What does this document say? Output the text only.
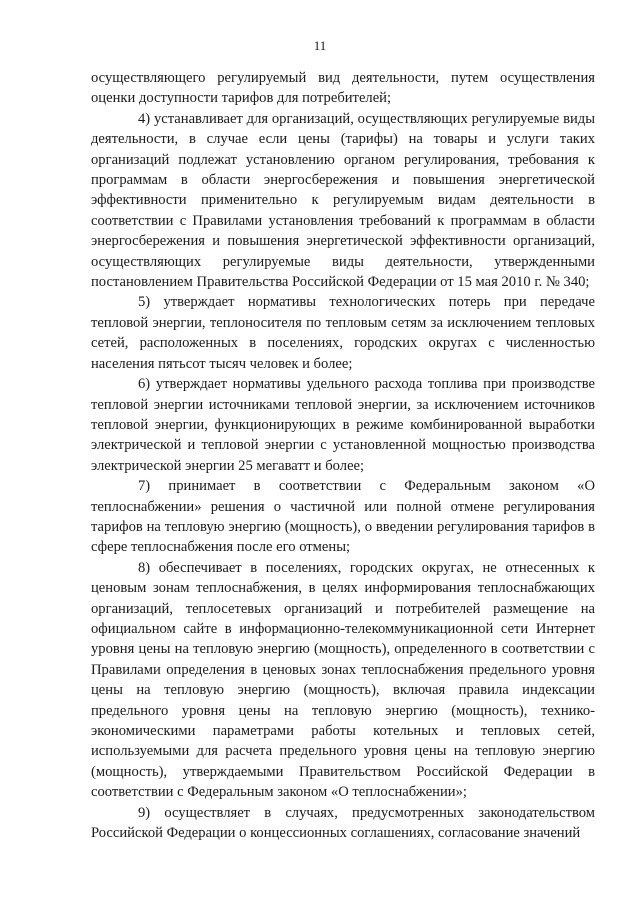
11

осуществляющего регулируемый вид деятельности, путем осуществления оценки доступности тарифов для потребителей;

4) устанавливает для организаций, осуществляющих регулируемые виды деятельности, в случае если цены (тарифы) на товары и услуги таких организаций подлежат установлению органом регулирования, требования к программам в области энергосбережения и повышения энергетической эффективности применительно к регулируемым видам деятельности в соответствии с Правилами установления требований к программам в области энергосбережения и повышения энергетической эффективности организаций, осуществляющих регулируемые виды деятельности, утвержденными постановлением Правительства Российской Федерации от 15 мая 2010 г. № 340;

5) утверждает нормативы технологических потерь при передаче тепловой энергии, теплоносителя по тепловым сетям за исключением тепловых сетей, расположенных в поселениях, городских округах с численностью населения пятьсот тысяч человек и более;

6) утверждает нормативы удельного расхода топлива при производстве тепловой энергии источниками тепловой энергии, за исключением источников тепловой энергии, функционирующих в режиме комбинированной выработки электрической и тепловой энергии с установленной мощностью производства электрической энергии 25 мегаватт и более;

7) принимает в соответствии с Федеральным законом «О теплоснабжении» решения о частичной или полной отмене регулирования тарифов на тепловую энергию (мощность), о введении регулирования тарифов в сфере теплоснабжения после его отмены;

8) обеспечивает в поселениях, городских округах, не отнесенных к ценовым зонам теплоснабжения, в целях информирования теплоснабжающих организаций, теплосетевых организаций и потребителей размещение на официальном сайте в информационно-телекоммуникационной сети Интернет уровня цены на тепловую энергию (мощность), определенного в соответствии с Правилами определения в ценовых зонах теплоснабжения предельного уровня цены на тепловую энергию (мощность), включая правила индексации предельного уровня цены на тепловую энергию (мощность), технико-экономическими параметрами работы котельных и тепловых сетей, используемыми для расчета предельного уровня цены на тепловую энергию (мощность), утверждаемыми Правительством Российской Федерации в соответствии с Федеральным законом «О теплоснабжении»;

9) осуществляет в случаях, предусмотренных законодательством Российской Федерации о концессионных соглашениях, согласование значений
